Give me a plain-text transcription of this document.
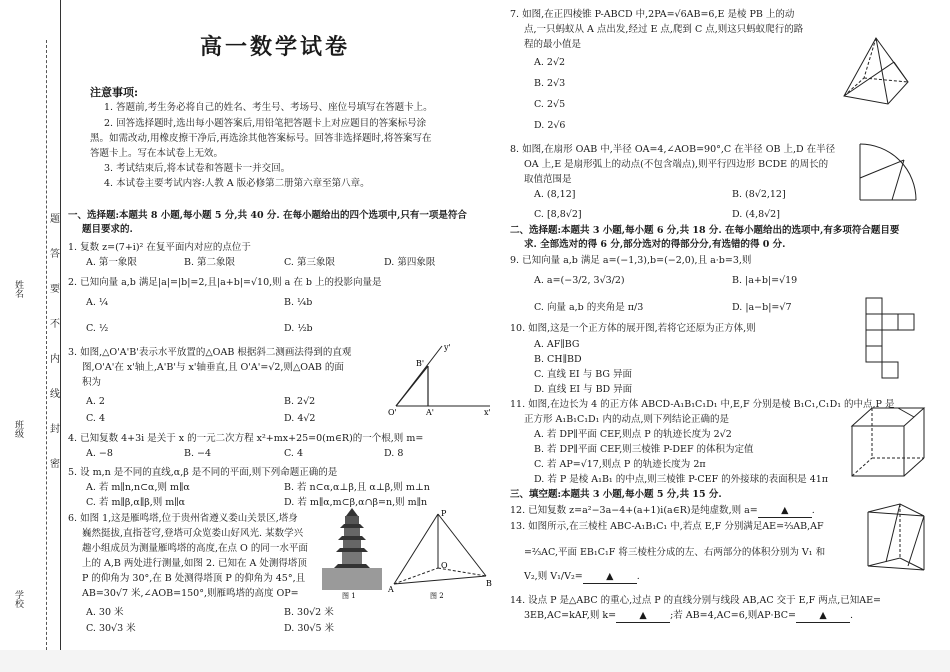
姓名
班级
学校
题
答
要
不
内
线
封
密
高一数学试卷
注意事项:
1. 答题前,考生务必将自己的姓名、考生号、考场号、座位号填写在答题卡上。
2. 回答选择题时,选出每小题答案后,用铅笔把答题卡上对应题目的答案标号涂
黑。如需改动,用橡皮擦干净后,再选涂其他答案标号。回答非选择题时,将答案写在
答题卡上。写在本试卷上无效。
3. 考试结束后,将本试卷和答题卡一并交回。
4. 本试卷主要考试内容:人教 A 版必修第二册第六章至第八章。
一、选择题:本题共 8 小题,每小题 5 分,共 40 分. 在每小题给出的四个选项中,只有一项是符合
题目要求的.
1. 复数 z=(7+i)² 在复平面内对应的点位于
A. 第一象限	B. 第二象限	C. 第三象限	D. 第四象限
2. 已知向量 a,b 满足|a|=|b|=2,且|a+b|=√10,则 a 在 b 上的投影向量是
A. ¼	B. ¼b
C. ½	D. ½b
3. 如图,△O'A'B'表示水平放置的△OAB 根据斜二测画法得到的直观
图,O'A'在 x'轴上,A'B'与 x'轴垂直,且 O'A'=√2,则△OAB 的面
积为
A. 2	B. 2√2
C. 4	D. 4√2
y'
B'
O'	A'	x'
4. 已知复数 4+3i 是关于 x 的一元二次方程 x²+mx+25=0(m∈R)的一个根,则 m=
A. −8	B. −4	C. 4	D. 8
5. 设 m,n 是不同的直线,α,β 是不同的平面,则下列命题正确的是
A. 若 m∥n,n⊂α,则 m∥α	B. 若 n⊂α,α⊥β,且 α⊥β,则 m⊥n
C. 若 m∥β,α∥β,则 m∥α	D. 若 m∥α,m⊂β,α∩β=n,则 m∥n
6. 如图 1,这是雁鸣塔,位于贵州省遵义娄山关景区,塔身
巍然挺拔,直指苍穹,登塔可众览娄山好风光. 某数学兴
趣小组成员为测量雁鸣塔的高度,在点 O 的同一水平面
上的 A,B 两处进行测量,如图 2. 已知在 A 处测得塔顶
P 的仰角为 30°,在 B 处测得塔顶 P 的仰角为 45°,且
AB=30√7 米,∠AOB=150°,则雁鸣塔的高度 OP=
A. 30 米	B. 30√2 米
C. 30√3 米	D. 30√5 米
图 1
P
O
A
B
图 2
7. 如图,在正四棱锥 P-ABCD 中,2PA=√6AB=6,E 是棱 PB 上的动
点,一只蚂蚁从 A 点出发,经过 E 点,爬到 C 点,则这只蚂蚁爬行的路
程的最小值是
A. 2√2
B. 2√3
C. 2√5
D. 2√6
8. 如图,在扇形 OAB 中,半径 OA=4,∠AOB=90°,C 在半径 OB 上,D 在半径
OA 上,E 是扇形弧上的动点(不包含端点),则平行四边形 BCDE 的周长的
取值范围是
A. (8,12]	B. (8√2,12]
C. [8,8√2]	D. (4,8√2]
二、选择题:本题共 3 小题,每小题 6 分,共 18 分. 在每小题给出的选项中,有多项符合题目要
求. 全部选对的得 6 分,部分选对的得部分分,有选错的得 0 分.
9. 已知向量 a,b 满足 a=(−1,3),b=(−2,0),且 a·b=3,则
A. a=(−3/2, 3√3/2)	B. |a+b|=√19
C. 向量 a,b 的夹角是 π/3	D. |a−b|=√7
10. 如图,这是一个正方体的展开图,若将它还原为正方体,则
A. AF∥BG
B. CH∥BD
C. 直线 EI 与 BG 异面
D. 直线 EI 与 BD 异面
11. 如图,在边长为 4 的正方体 ABCD-A₁B₁C₁D₁ 中,E,F 分别是棱 B₁C₁,C₁D₁ 的中点,P 是
正方形 A₁B₁C₁D₁ 内的动点,则下列结论正确的是
A. 若 DP∥平面 CEF,则点 P 的轨迹长度为 2√2
B. 若 DP∥平面 CEF,则三棱锥 P-DEF 的体积为定值
C. 若 AP=√17,则点 P 的轨迹长度为 2π
D. 若 P 是棱 A₁B₁ 的中点,则三棱锥 P-CEF 的外接球的表面积是 41π
三、填空题:本题共 3 小题,每小题 5 分,共 15 分.
12. 已知复数 z=a²−3a−4+(a+1)i(a∈R)是纯虚数,则 a= ▲ .
13. 如图所示,在三棱柱 ABC-A₁B₁C₁ 中,若点 E,F 分别满足AE=⅔AB,AF
=⅔AC,平面 EB₁C₁F 将三棱柱分成的左、右两部分的体积分别为 V₁ 和
V₂,则 V₁/V₂= ▲ .
14. 设点 P 是△ABC 的重心,过点 P 的直线分别与线段 AB,AC 交于 E,F 两点,已知AE=
3EB,AC=kAF,则 k= ▲ ;若 AB=4,AC=6,则AP·BC= ▲ .
